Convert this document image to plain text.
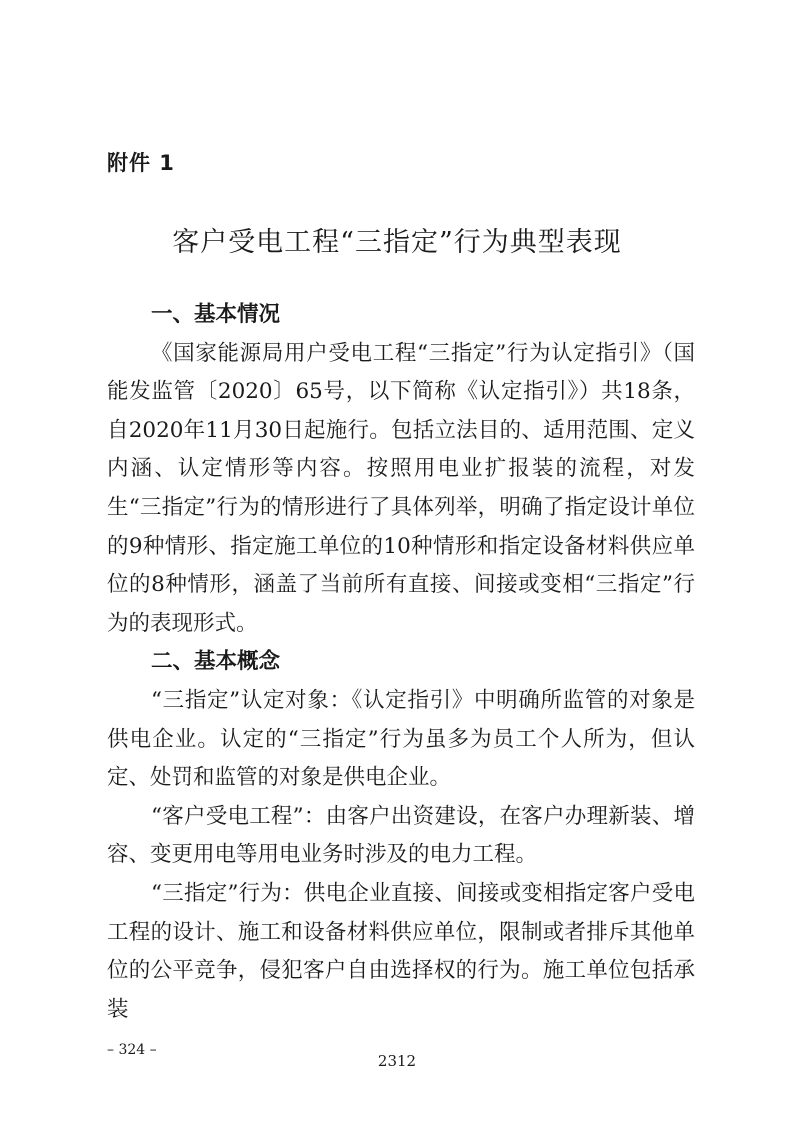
附件 1
客户受电工程“三指定”行为典型表现

一、基本情况

《国家能源局用户受电工程“三指定”行为认定指引》（国能发监管〔2020〕65号，以下简称《认定指引》）共18条，自2020年11月30日起施行。包括立法目的、适用范围、定义内涵、认定情形等内容。按照用电业扩报装的流程，对发生“三指定”行为的情形进行了具体列举，明确了指定设计单位的9种情形、指定施工单位的10种情形和指定设备材料供应单位的8种情形，涵盖了当前所有直接、间接或变相“三指定”行为的表现形式。

二、基本概念

“三指定”认定对象：《认定指引》中明确所监管的对象是供电企业。认定的“三指定”行为虽多为员工个人所为，但认定、处罚和监管的对象是供电企业。

“客户受电工程”：由客户出资建设，在客户办理新装、增容、变更用电等用电业务时涉及的电力工程。

“三指定”行为：供电企业直接、间接或变相指定客户受电工程的设计、施工和设备材料供应单位，限制或者排斥其他单位的公平竞争，侵犯客户自由选择权的行为。施工单位包括承装

– 324 –
2312
